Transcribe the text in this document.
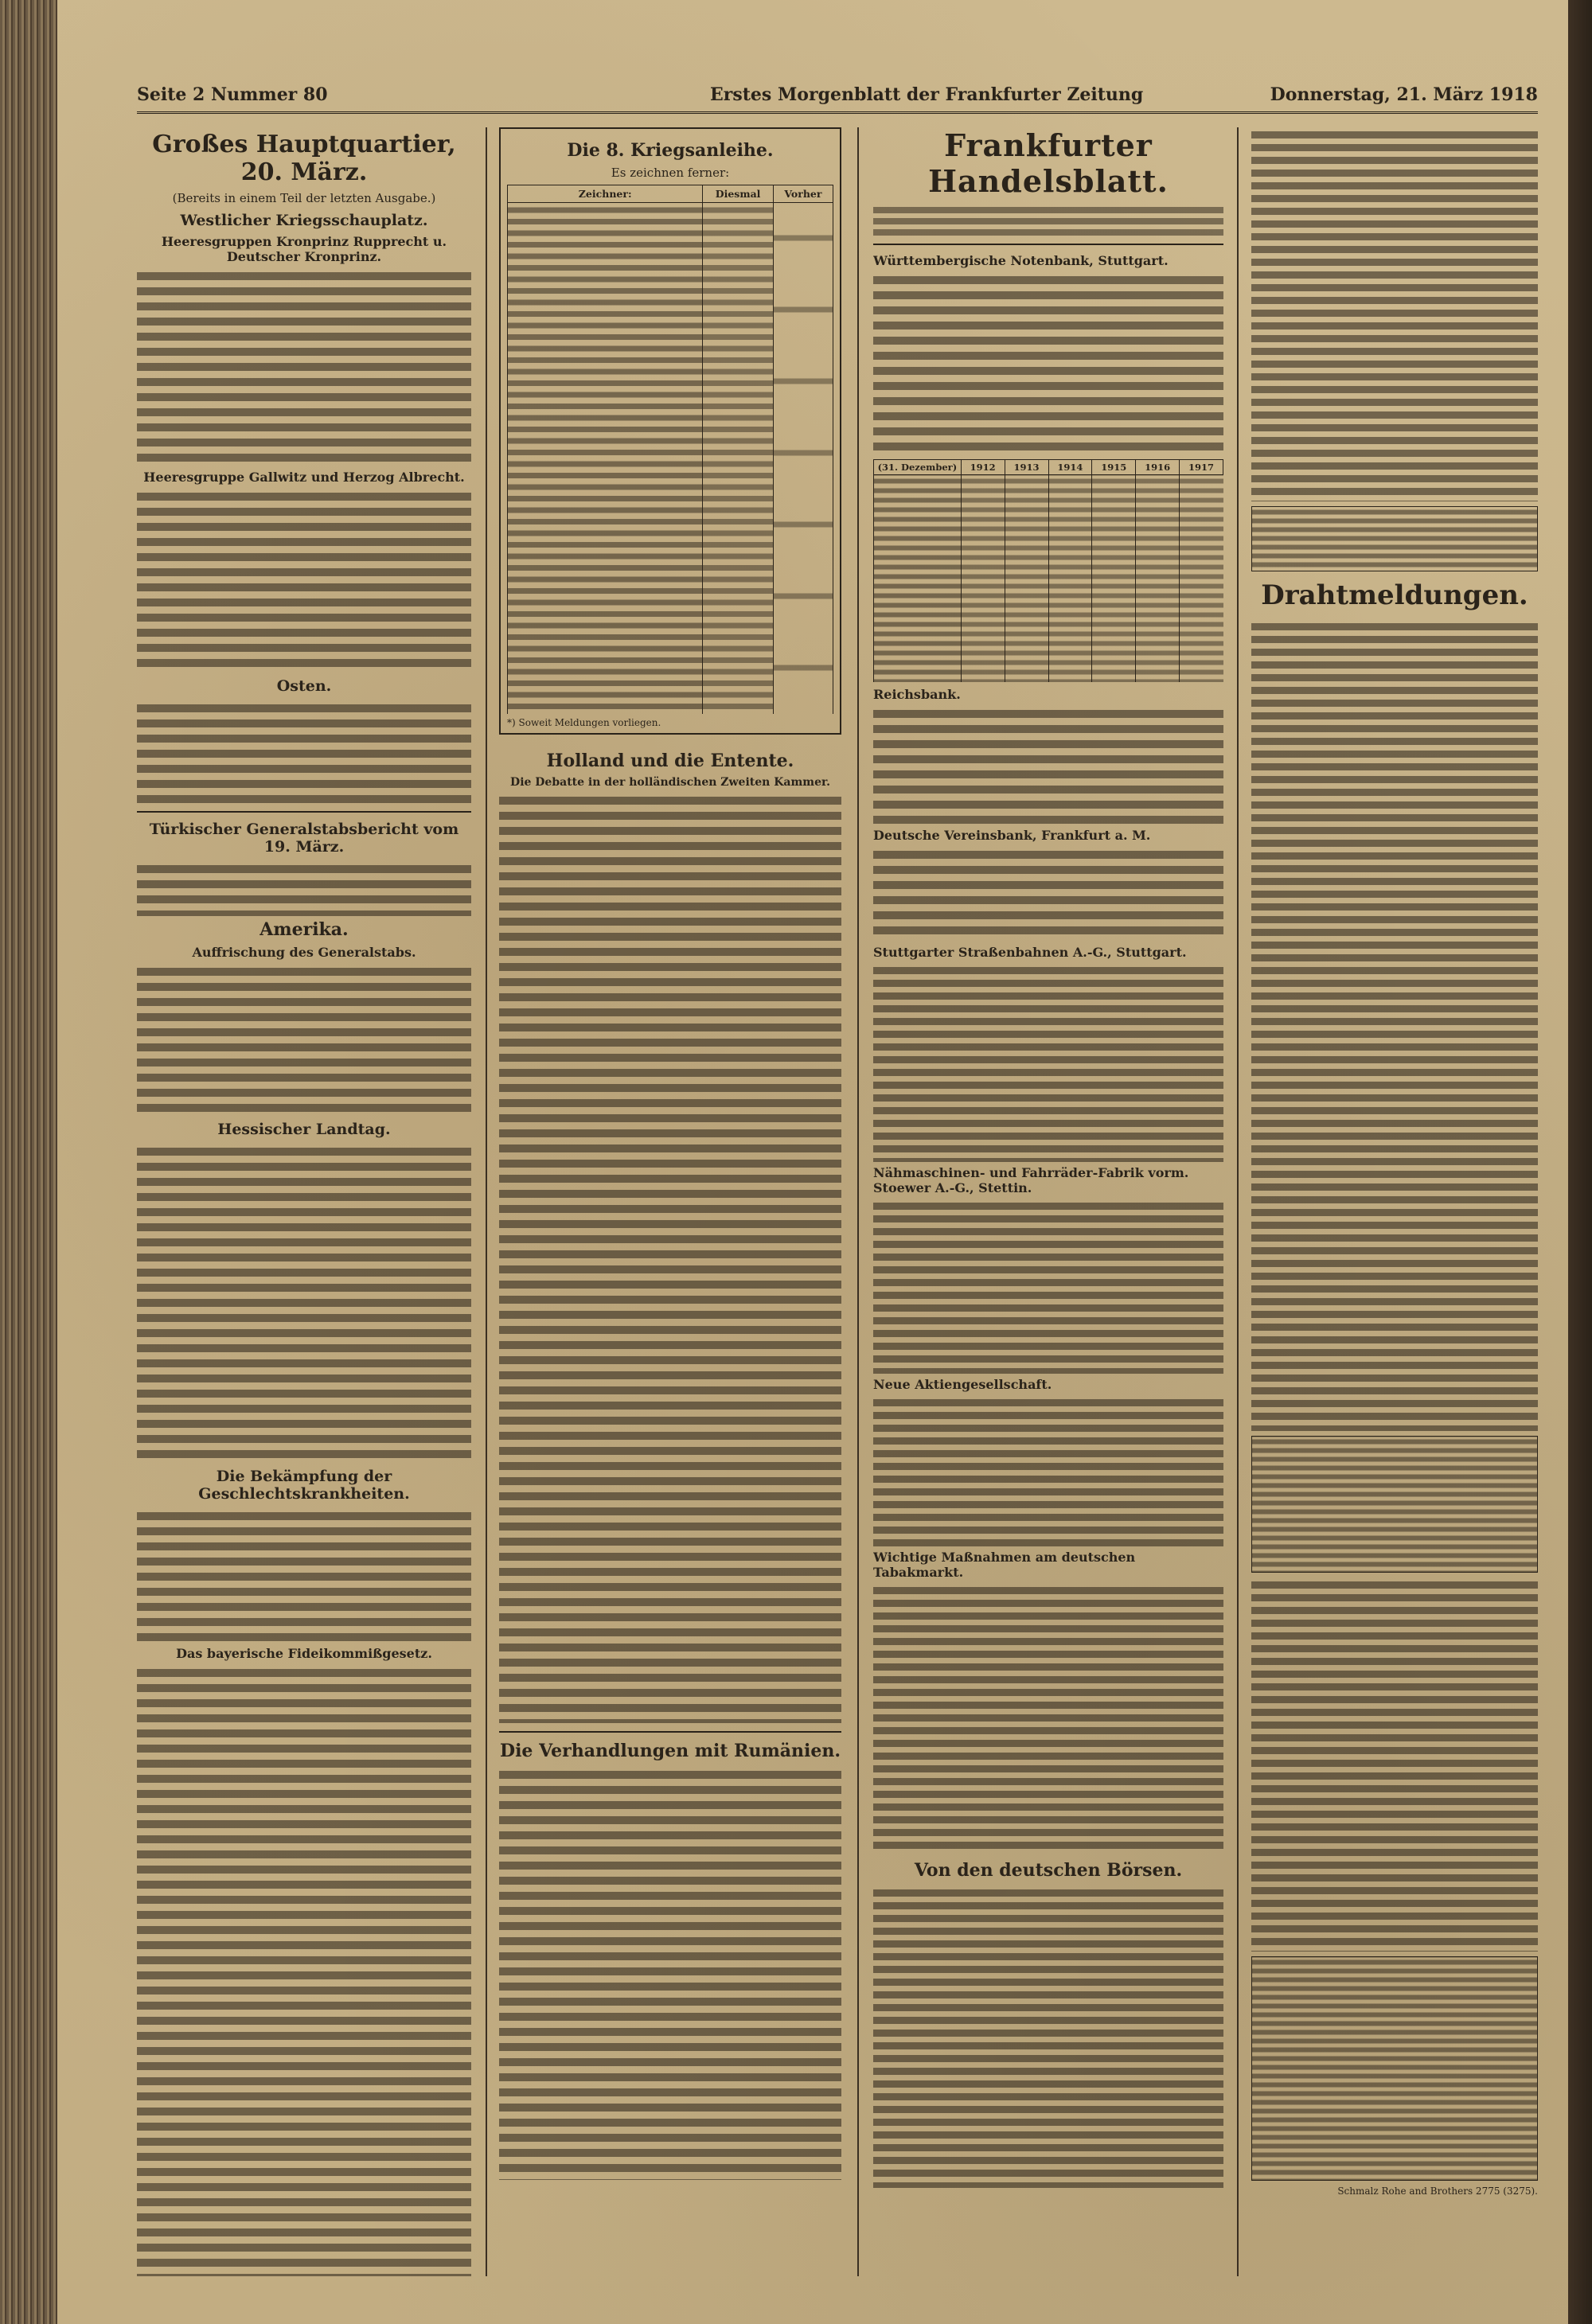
Seite 2 Nummer 80	Erstes Morgenblatt der Frankfurter Zeitung	Donnerstag, 21. März 1918
Großes Hauptquartier, 20. März.
(Bereits in einem Teil der letzten Ausgabe.)
Westlicher Kriegsschauplatz.
Heeresgruppen Kronprinz Rupprecht u. Deutscher Kronprinz.
Heeresgruppe Gallwitz und Herzog Albrecht.
Osten.
Türkischer Generalstabsbericht vom 19. März.
Amerika.
Auffrischung des Generalstabs.
Hessischer Landtag.
Die Bekämpfung der Geschlechtskrankheiten.
Das bayerische Fideikommißgesetz.
Die 8. Kriegsanleihe.
Es zeichnen ferner:
Zeichner:	Diesmal	Vorher

*) Soweit Meldungen vorliegen.
Holland und die Entente.
Die Debatte in der holländischen Zweiten Kammer.
Die Verhandlungen mit Rumänien.
Frankfurter Handelsblatt.
Württembergische Notenbank, Stuttgart.
(31. Dezember)	1912	1913	1914	1915	1916	1917

Reichsbank.
Deutsche Vereinsbank, Frankfurt a. M.
Stuttgarter Straßenbahnen A.-G., Stuttgart.
Nähmaschinen- und Fahrräder-Fabrik vorm. Stoewer A.-G., Stettin.
Neue Aktiengesellschaft.
Wichtige Maßnahmen am deutschen Tabakmarkt.
Von den deutschen Börsen.
Drahtmeldungen.
Schmalz Rohe and Brothers 2775 (3275).
